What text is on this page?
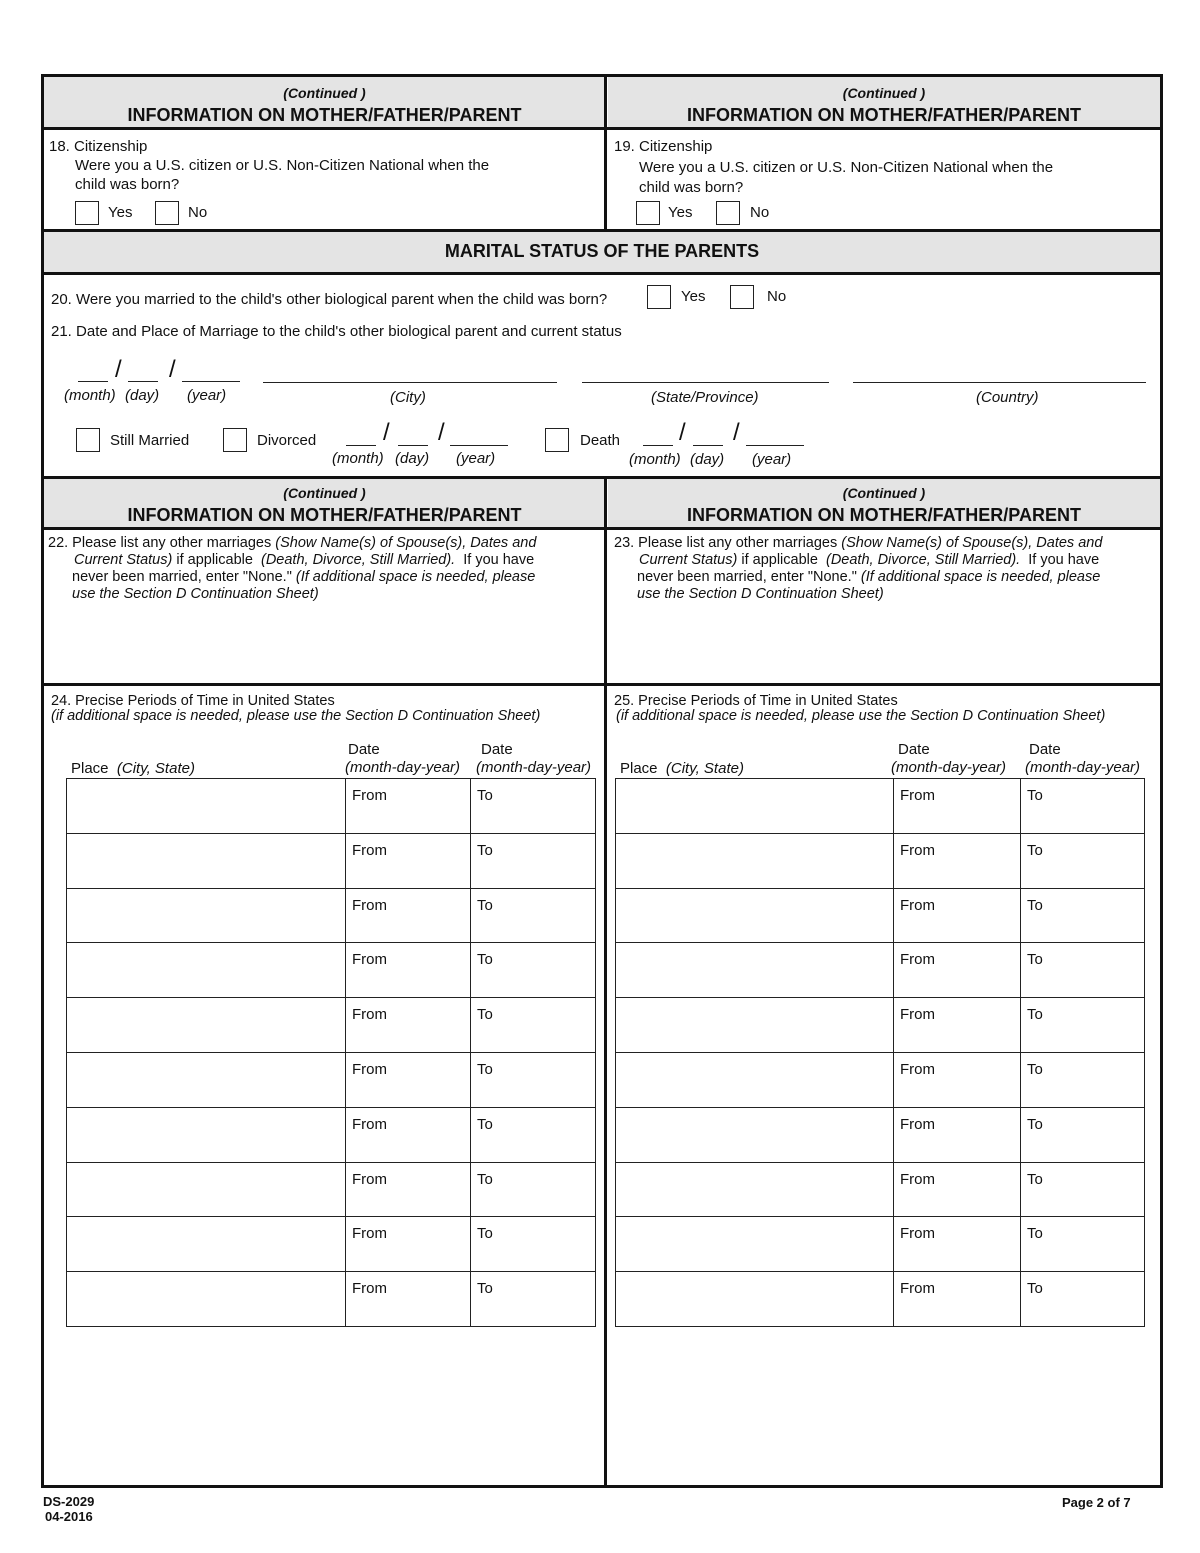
(Continued )
INFORMATION ON MOTHER/FATHER/PARENT
(Continued )
INFORMATION ON MOTHER/FATHER/PARENT
18. Citizenship
Were you a U.S. citizen or U.S. Non-Citizen National when the
child was born?
Yes	No
19. Citizenship
Were you a U.S. citizen or U.S. Non-Citizen National when the
child was born?
Yes	No
MARITAL STATUS OF THE PARENTS
20. Were you married to the child's other biological parent when the child was born?	Yes	No
21. Date and Place of Marriage to the child's other biological parent and current status
/ /
(month) (day) (year)	(City)	(State/Province)	(Country)
Still Married	Divorced	/ /
(month) (day) (year)
Death / /
(month) (day) (year)
(Continued )
INFORMATION ON MOTHER/FATHER/PARENT
(Continued )
INFORMATION ON MOTHER/FATHER/PARENT
22. Please list any other marriages (Show Name(s) of Spouse(s), Dates and
Current Status) if applicable (Death, Divorce, Still Married). If you have
never been married, enter "None." (If additional space is needed, please
use the Section D Continuation Sheet)
23. Please list any other marriages (Show Name(s) of Spouse(s), Dates and
Current Status) if applicable (Death, Divorce, Still Married). If you have
never been married, enter "None." (If additional space is needed, please
use the Section D Continuation Sheet)
24. Precise Periods of Time in United States
(if additional space is needed, please use the Section D Continuation Sheet)
Date	Date
Place (City, State)	(month-day-year) (month-day-year)
	From	To
	From	To
	From	To
	From	To
	From	To
	From	To
	From	To
	From	To
	From	To
	From	To
25. Precise Periods of Time in United States
(if additional space is needed, please use the Section D Continuation Sheet)
Date	Date
Place (City, State)	(month-day-year) (month-day-year)
	From	To
	From	To
	From	To
	From	To
	From	To
	From	To
	From	To
	From	To
	From	To
	From	To
DS-2029
04-2016
Page 2 of 7
